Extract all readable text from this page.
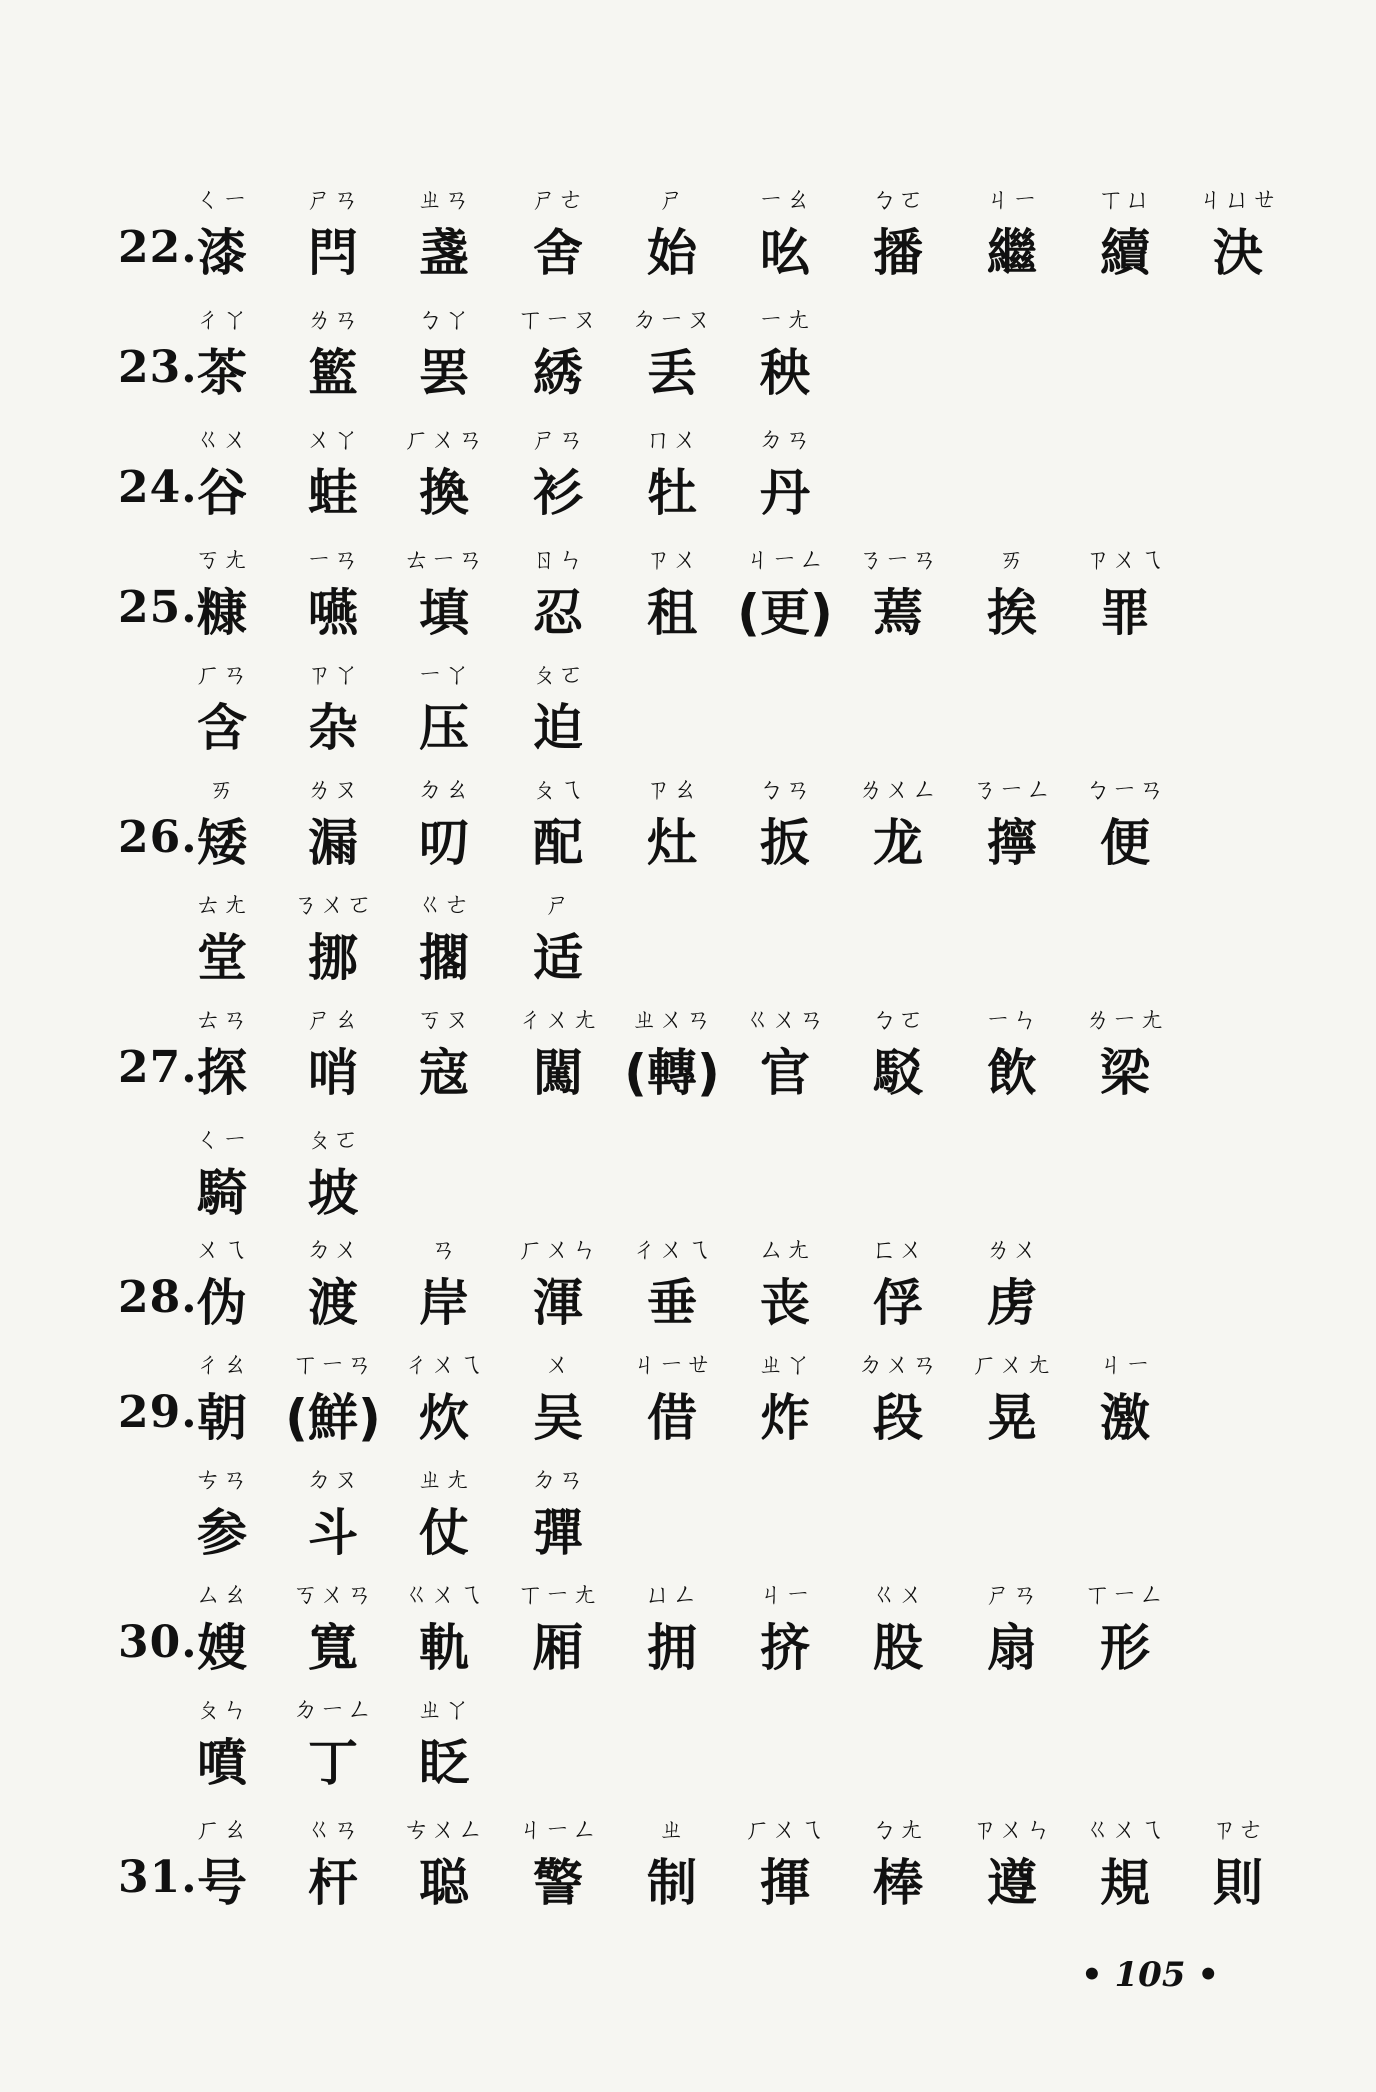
22.
ㄑㄧ
漆
ㄕㄢ
閂
ㄓㄢ
盞
ㄕㄜ
舍
ㄕ
始
ㄧㄠ
吆
ㄅㄛ
播
ㄐㄧ
繼
ㄒㄩ
續
ㄐㄩㄝ
決
23.
ㄔㄚ
茶
ㄌㄢ
籃
ㄅㄚ
罢
ㄒㄧㄡ
綉
ㄉㄧㄡ
丢
ㄧㄤ
秧
24.
ㄍㄨ
谷
ㄨㄚ
蛙
ㄏㄨㄢ
換
ㄕㄢ
衫
ㄇㄨ
牡
ㄉㄢ
丹
25.
ㄎㄤ
糠
ㄧㄢ
嚥
ㄊㄧㄢ
填
ㄖㄣ
忍
ㄗㄨ
租
ㄐㄧㄥ
(更)
ㄋㄧㄢ
蔫
ㄞ
挨
ㄗㄨㄟ
罪
ㄏㄢ
含
ㄗㄚ
杂
ㄧㄚ
压
ㄆㄛ
迫
26.
ㄞ
矮
ㄌㄡ
漏
ㄉㄠ
叨
ㄆㄟ
配
ㄗㄠ
灶
ㄅㄢ
扳
ㄌㄨㄥ
龙
ㄋㄧㄥ
擰
ㄅㄧㄢ
便
ㄊㄤ
堂
ㄋㄨㄛ
挪
ㄍㄜ
擱
ㄕ
适
27.
ㄊㄢ
探
ㄕㄠ
哨
ㄎㄡ
寇
ㄔㄨㄤ
闖
ㄓㄨㄢ
(轉)
ㄍㄨㄢ
官
ㄅㄛ
駁
ㄧㄣ
飲
ㄌㄧㄤ
梁
ㄑㄧ
騎
ㄆㄛ
坡
28.
ㄨㄟ
伪
ㄉㄨ
渡
ㄢ
岸
ㄏㄨㄣ
渾
ㄔㄨㄟ
垂
ㄙㄤ
丧
ㄈㄨ
俘
ㄌㄨ
虏
29.
ㄔㄠ
朝
ㄒㄧㄢ
(鮮)
ㄔㄨㄟ
炊
ㄨ
吴
ㄐㄧㄝ
借
ㄓㄚ
炸
ㄉㄨㄢ
段
ㄏㄨㄤ
晃
ㄐㄧ
激
ㄘㄢ
参
ㄉㄡ
斗
ㄓㄤ
仗
ㄉㄢ
彈
30.
ㄙㄠ
嫂
ㄎㄨㄢ
寬
ㄍㄨㄟ
軌
ㄒㄧㄤ
厢
ㄩㄥ
拥
ㄐㄧ
挤
ㄍㄨ
股
ㄕㄢ
扇
ㄒㄧㄥ
形
ㄆㄣ
噴
ㄉㄧㄥ
丁
ㄓㄚ
眨
31.
ㄏㄠ
号
ㄍㄢ
杆
ㄘㄨㄥ
聪
ㄐㄧㄥ
警
ㄓ
制
ㄏㄨㄟ
揮
ㄅㄤ
棒
ㄗㄨㄣ
遵
ㄍㄨㄟ
規
ㄗㄜ
則
• 105 •
